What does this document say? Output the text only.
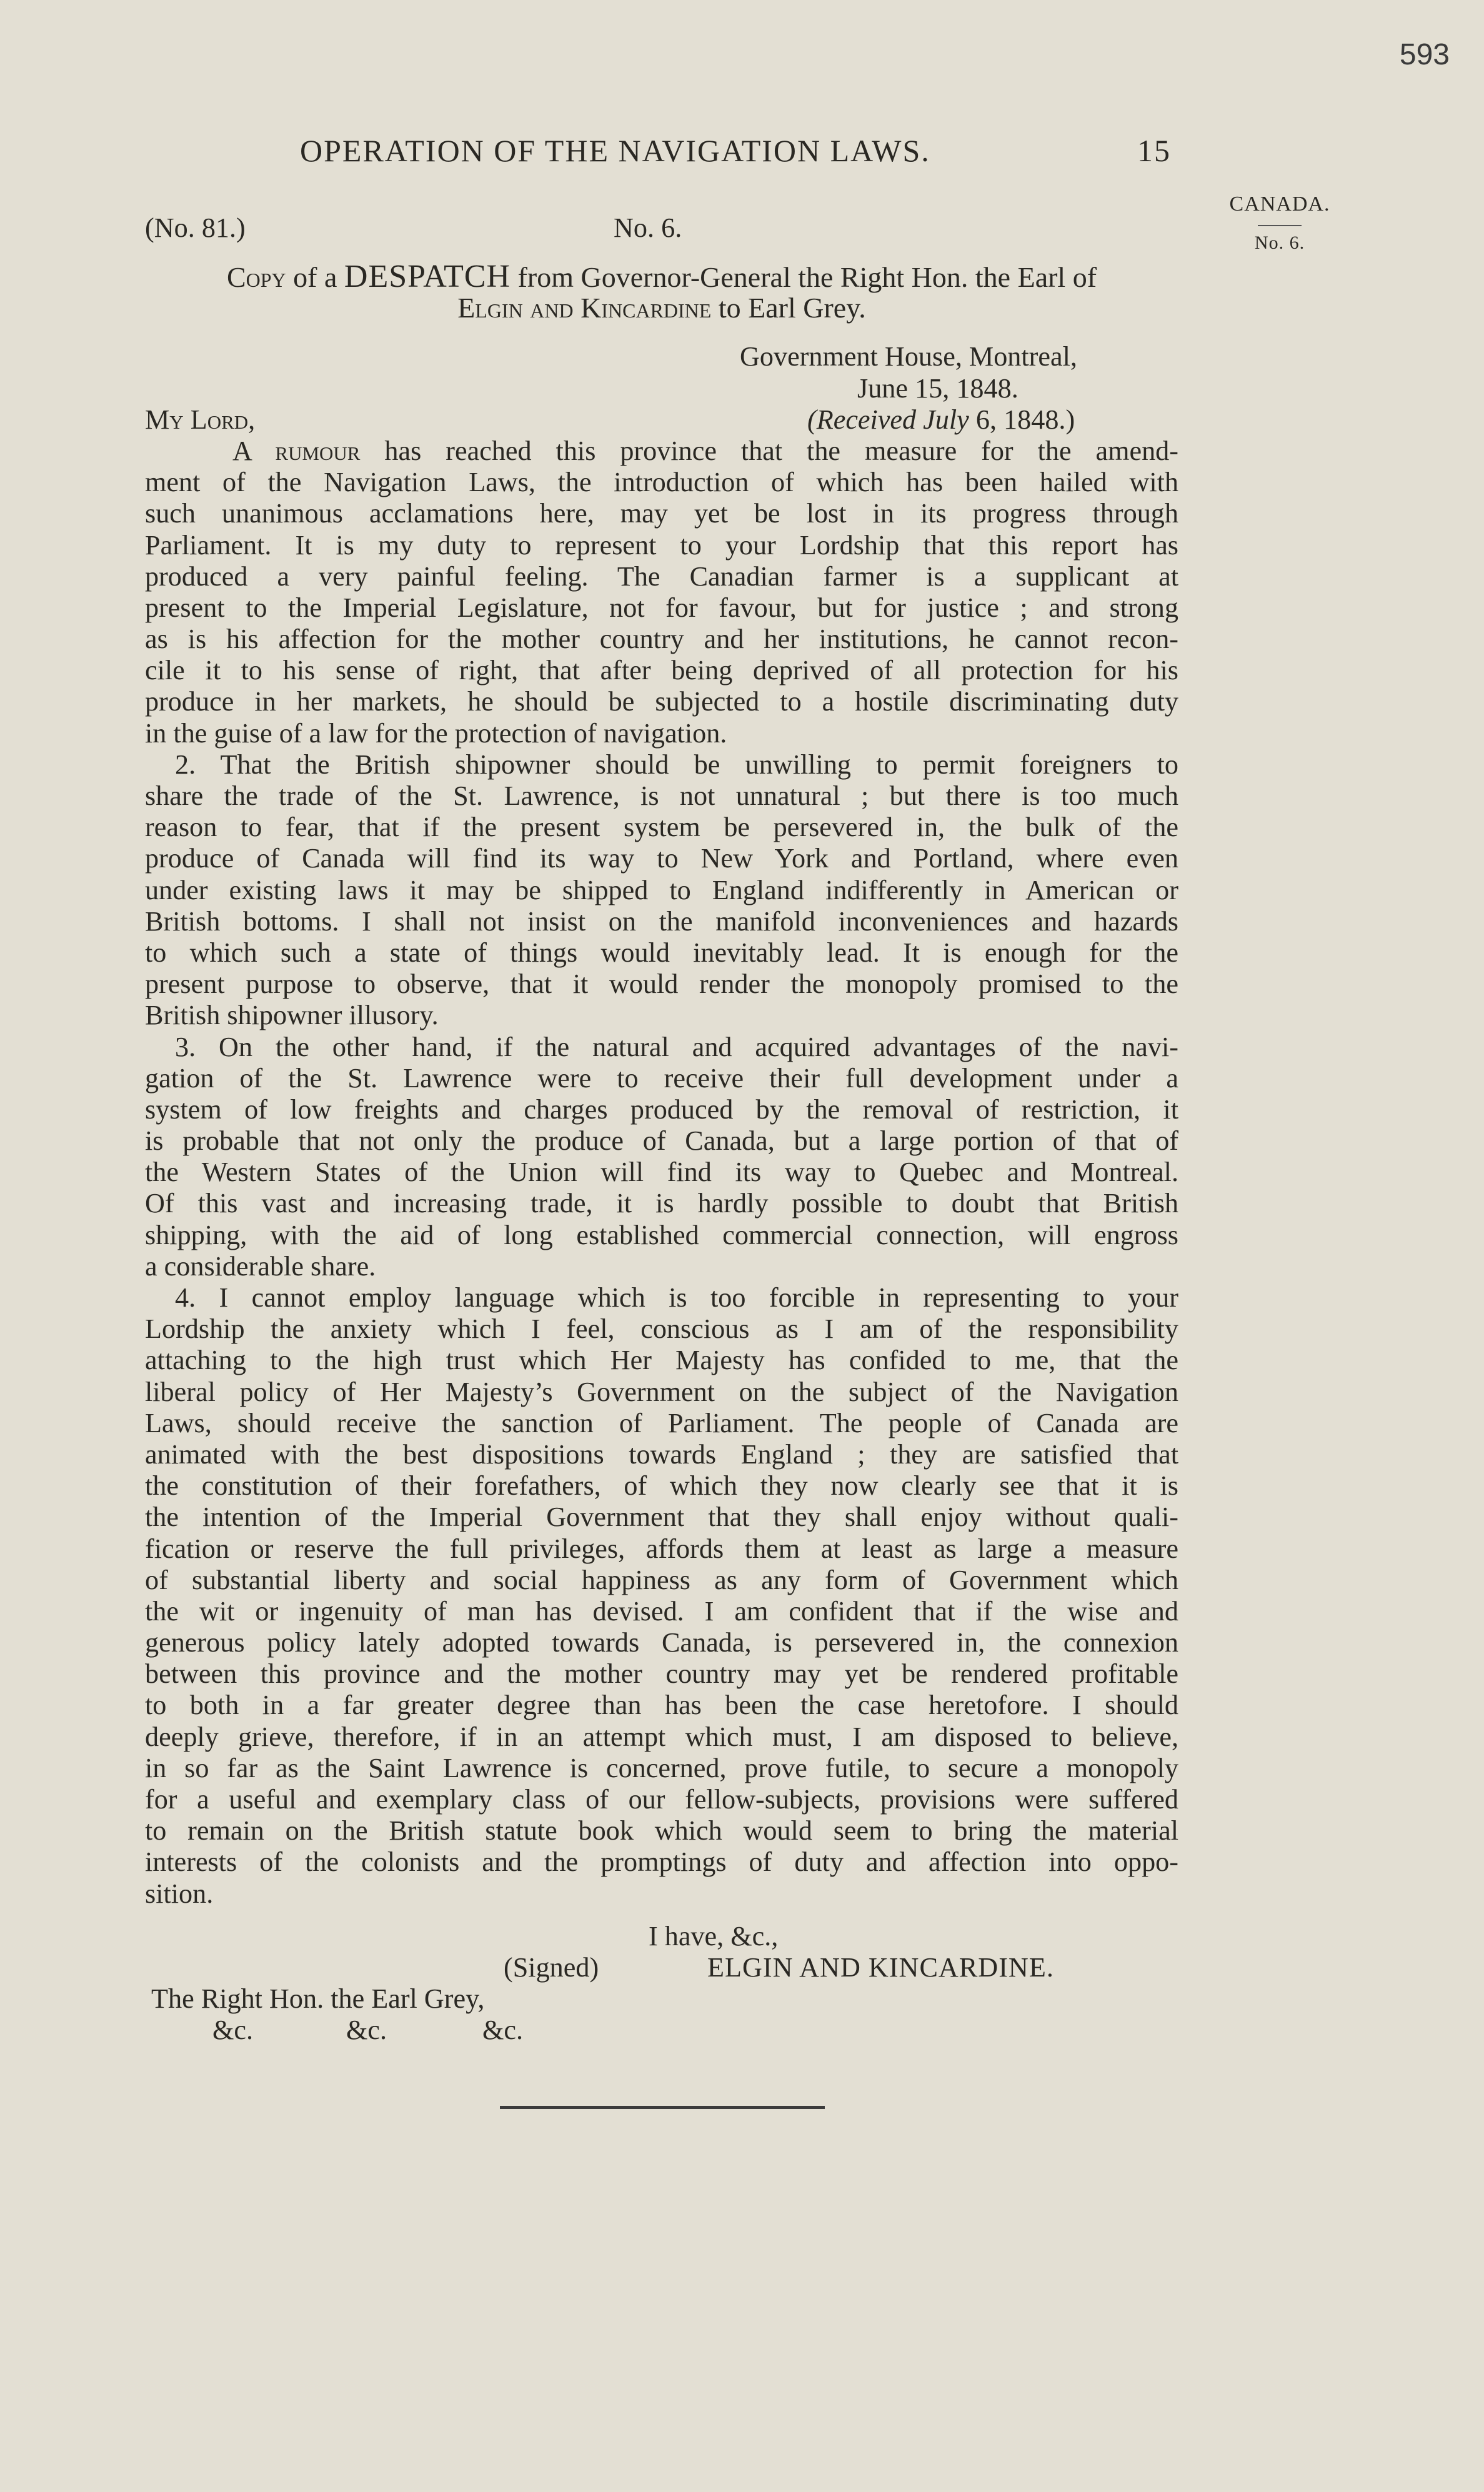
593
OPERATION OF THE NAVIGATION LAWS.	15
CANADA.
No. 6.
(No. 81.)	No. 6.
Copy of a DESPATCH from Governor-General the Right Hon. the Earl of
Elgin and Kincardine to Earl Grey.
Government House, Montreal,
June 15, 1848.
My Lord,	(Received July 6, 1848.)
A rumour has reached this province that the measure for the amend-
ment of the Navigation Laws, the introduction of which has been hailed with
such unanimous acclamations here, may yet be lost in its progress through
Parliament. It is my duty to represent to your Lordship that this report has
produced a very painful feeling. The Canadian farmer is a supplicant at
present to the Imperial Legislature, not for favour, but for justice ; and strong
as is his affection for the mother country and her institutions, he cannot recon-
cile it to his sense of right, that after being deprived of all protection for his
produce in her markets, he should be subjected to a hostile discriminating duty
in the guise of a law for the protection of navigation.
2. That the British shipowner should be unwilling to permit foreigners to
share the trade of the St. Lawrence, is not unnatural ; but there is too much
reason to fear, that if the present system be persevered in, the bulk of the
produce of Canada will find its way to New York and Portland, where even
under existing laws it may be shipped to England indifferently in American or
British bottoms. I shall not insist on the manifold inconveniences and hazards
to which such a state of things would inevitably lead. It is enough for the
present purpose to observe, that it would render the monopoly promised to the
British shipowner illusory.
3. On the other hand, if the natural and acquired advantages of the navi-
gation of the St. Lawrence were to receive their full development under a
system of low freights and charges produced by the removal of restriction, it
is probable that not only the produce of Canada, but a large portion of that of
the Western States of the Union will find its way to Quebec and Montreal.
Of this vast and increasing trade, it is hardly possible to doubt that British
shipping, with the aid of long established commercial connection, will engross
a considerable share.
4. I cannot employ language which is too forcible in representing to your
Lordship the anxiety which I feel, conscious as I am of the responsibility
attaching to the high trust which Her Majesty has confided to me, that the
liberal policy of Her Majesty’s Government on the subject of the Navigation
Laws, should receive the sanction of Parliament. The people of Canada are
animated with the best dispositions towards England ; they are satisfied that
the constitution of their forefathers, of which they now clearly see that it is
the intention of the Imperial Government that they shall enjoy without quali-
fication or reserve the full privileges, affords them at least as large a measure
of substantial liberty and social happiness as any form of Government which
the wit or ingenuity of man has devised. I am confident that if the wise and
generous policy lately adopted towards Canada, is persevered in, the connexion
between this province and the mother country may yet be rendered profitable
to both in a far greater degree than has been the case heretofore. I should
deeply grieve, therefore, if in an attempt which must, I am disposed to believe,
in so far as the Saint Lawrence is concerned, prove futile, to secure a monopoly
for a useful and exemplary class of our fellow-subjects, provisions were suffered
to remain on the British statute book which would seem to bring the material
interests of the colonists and the promptings of duty and affection into oppo-
sition.
I have, &c.,
(Signed)	ELGIN AND KINCARDINE.
The Right Hon. the Earl Grey,
&c.	&c.	&c.
